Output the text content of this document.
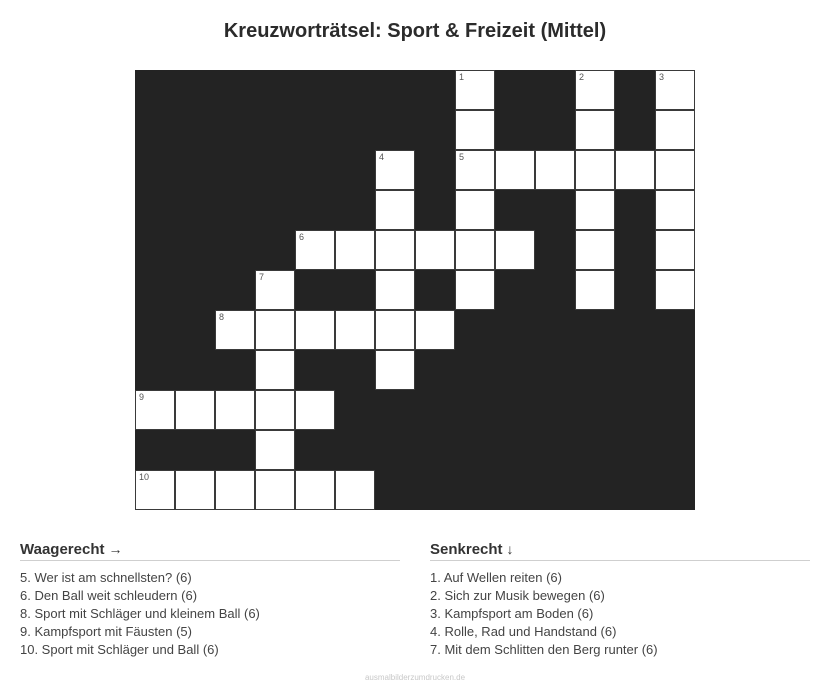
Kreuzworträtsel: Sport & Freizeit (Mittel)
1	2	3
4	5
6
7
8
9
10
Waagerecht →
5. Wer ist am schnellsten? (6)
6. Den Ball weit schleudern (6)
8. Sport mit Schläger und kleinem Ball (6)
9. Kampfsport mit Fäusten (5)
10. Sport mit Schläger und Ball (6)
Senkrecht ↓
1. Auf Wellen reiten (6)
2. Sich zur Musik bewegen (6)
3. Kampfsport am Boden (6)
4. Rolle, Rad und Handstand (6)
7. Mit dem Schlitten den Berg runter (6)
ausmalbilderzumdrucken.de
